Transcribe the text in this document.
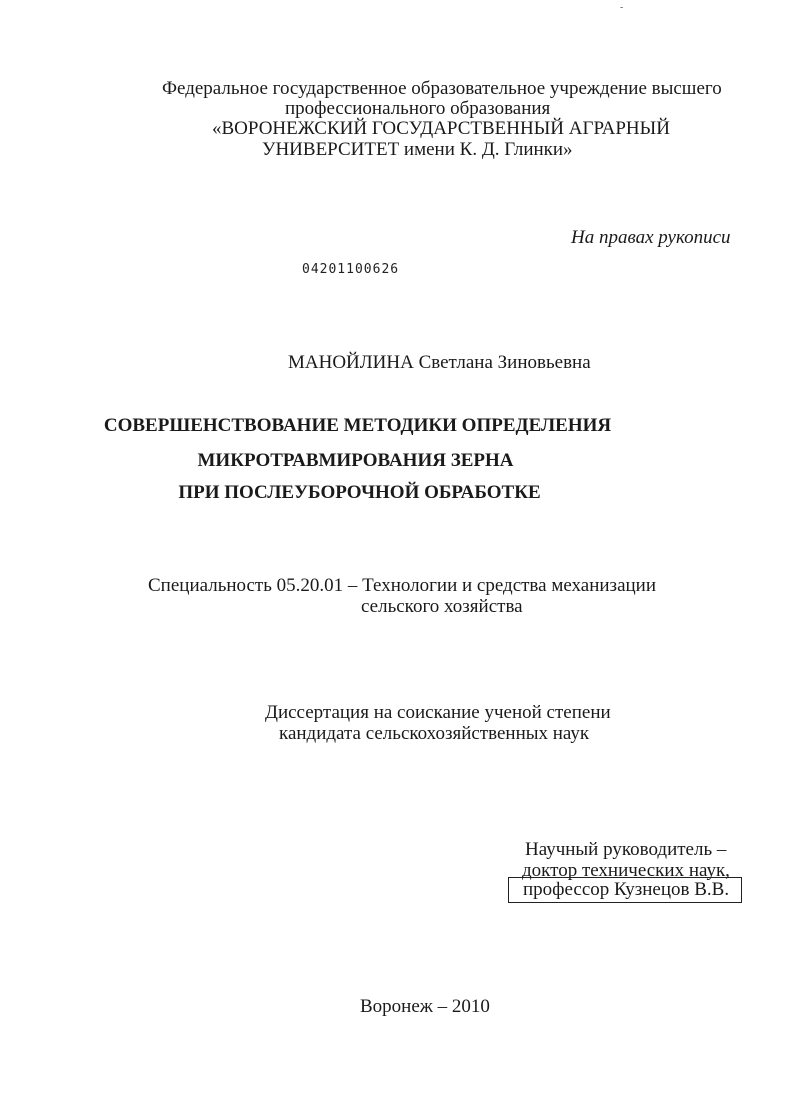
-
Федеральное государственное образовательное учреждение высшего
профессионального образования
«ВОРОНЕЖСКИЙ ГОСУДАРСТВЕННЫЙ АГРАРНЫЙ
УНИВЕРСИТЕТ имени К. Д. Глинки»
На правах рукописи
04201100626
МАНОЙЛИНА Светлана Зиновьевна
СОВЕРШЕНСТВОВАНИЕ МЕТОДИКИ ОПРЕДЕЛЕНИЯ
МИКРОТРАВМИРОВАНИЯ ЗЕРНА
ПРИ ПОСЛЕУБОРОЧНОЙ ОБРАБОТКЕ
Специальность 05.20.01 – Технологии и средства механизации
сельского хозяйства
Диссертация на соискание ученой степени
кандидата сельскохозяйственных наук
Научный руководитель –
доктор технических наук,
профессор Кузнецов В.В.
Воронеж – 2010
